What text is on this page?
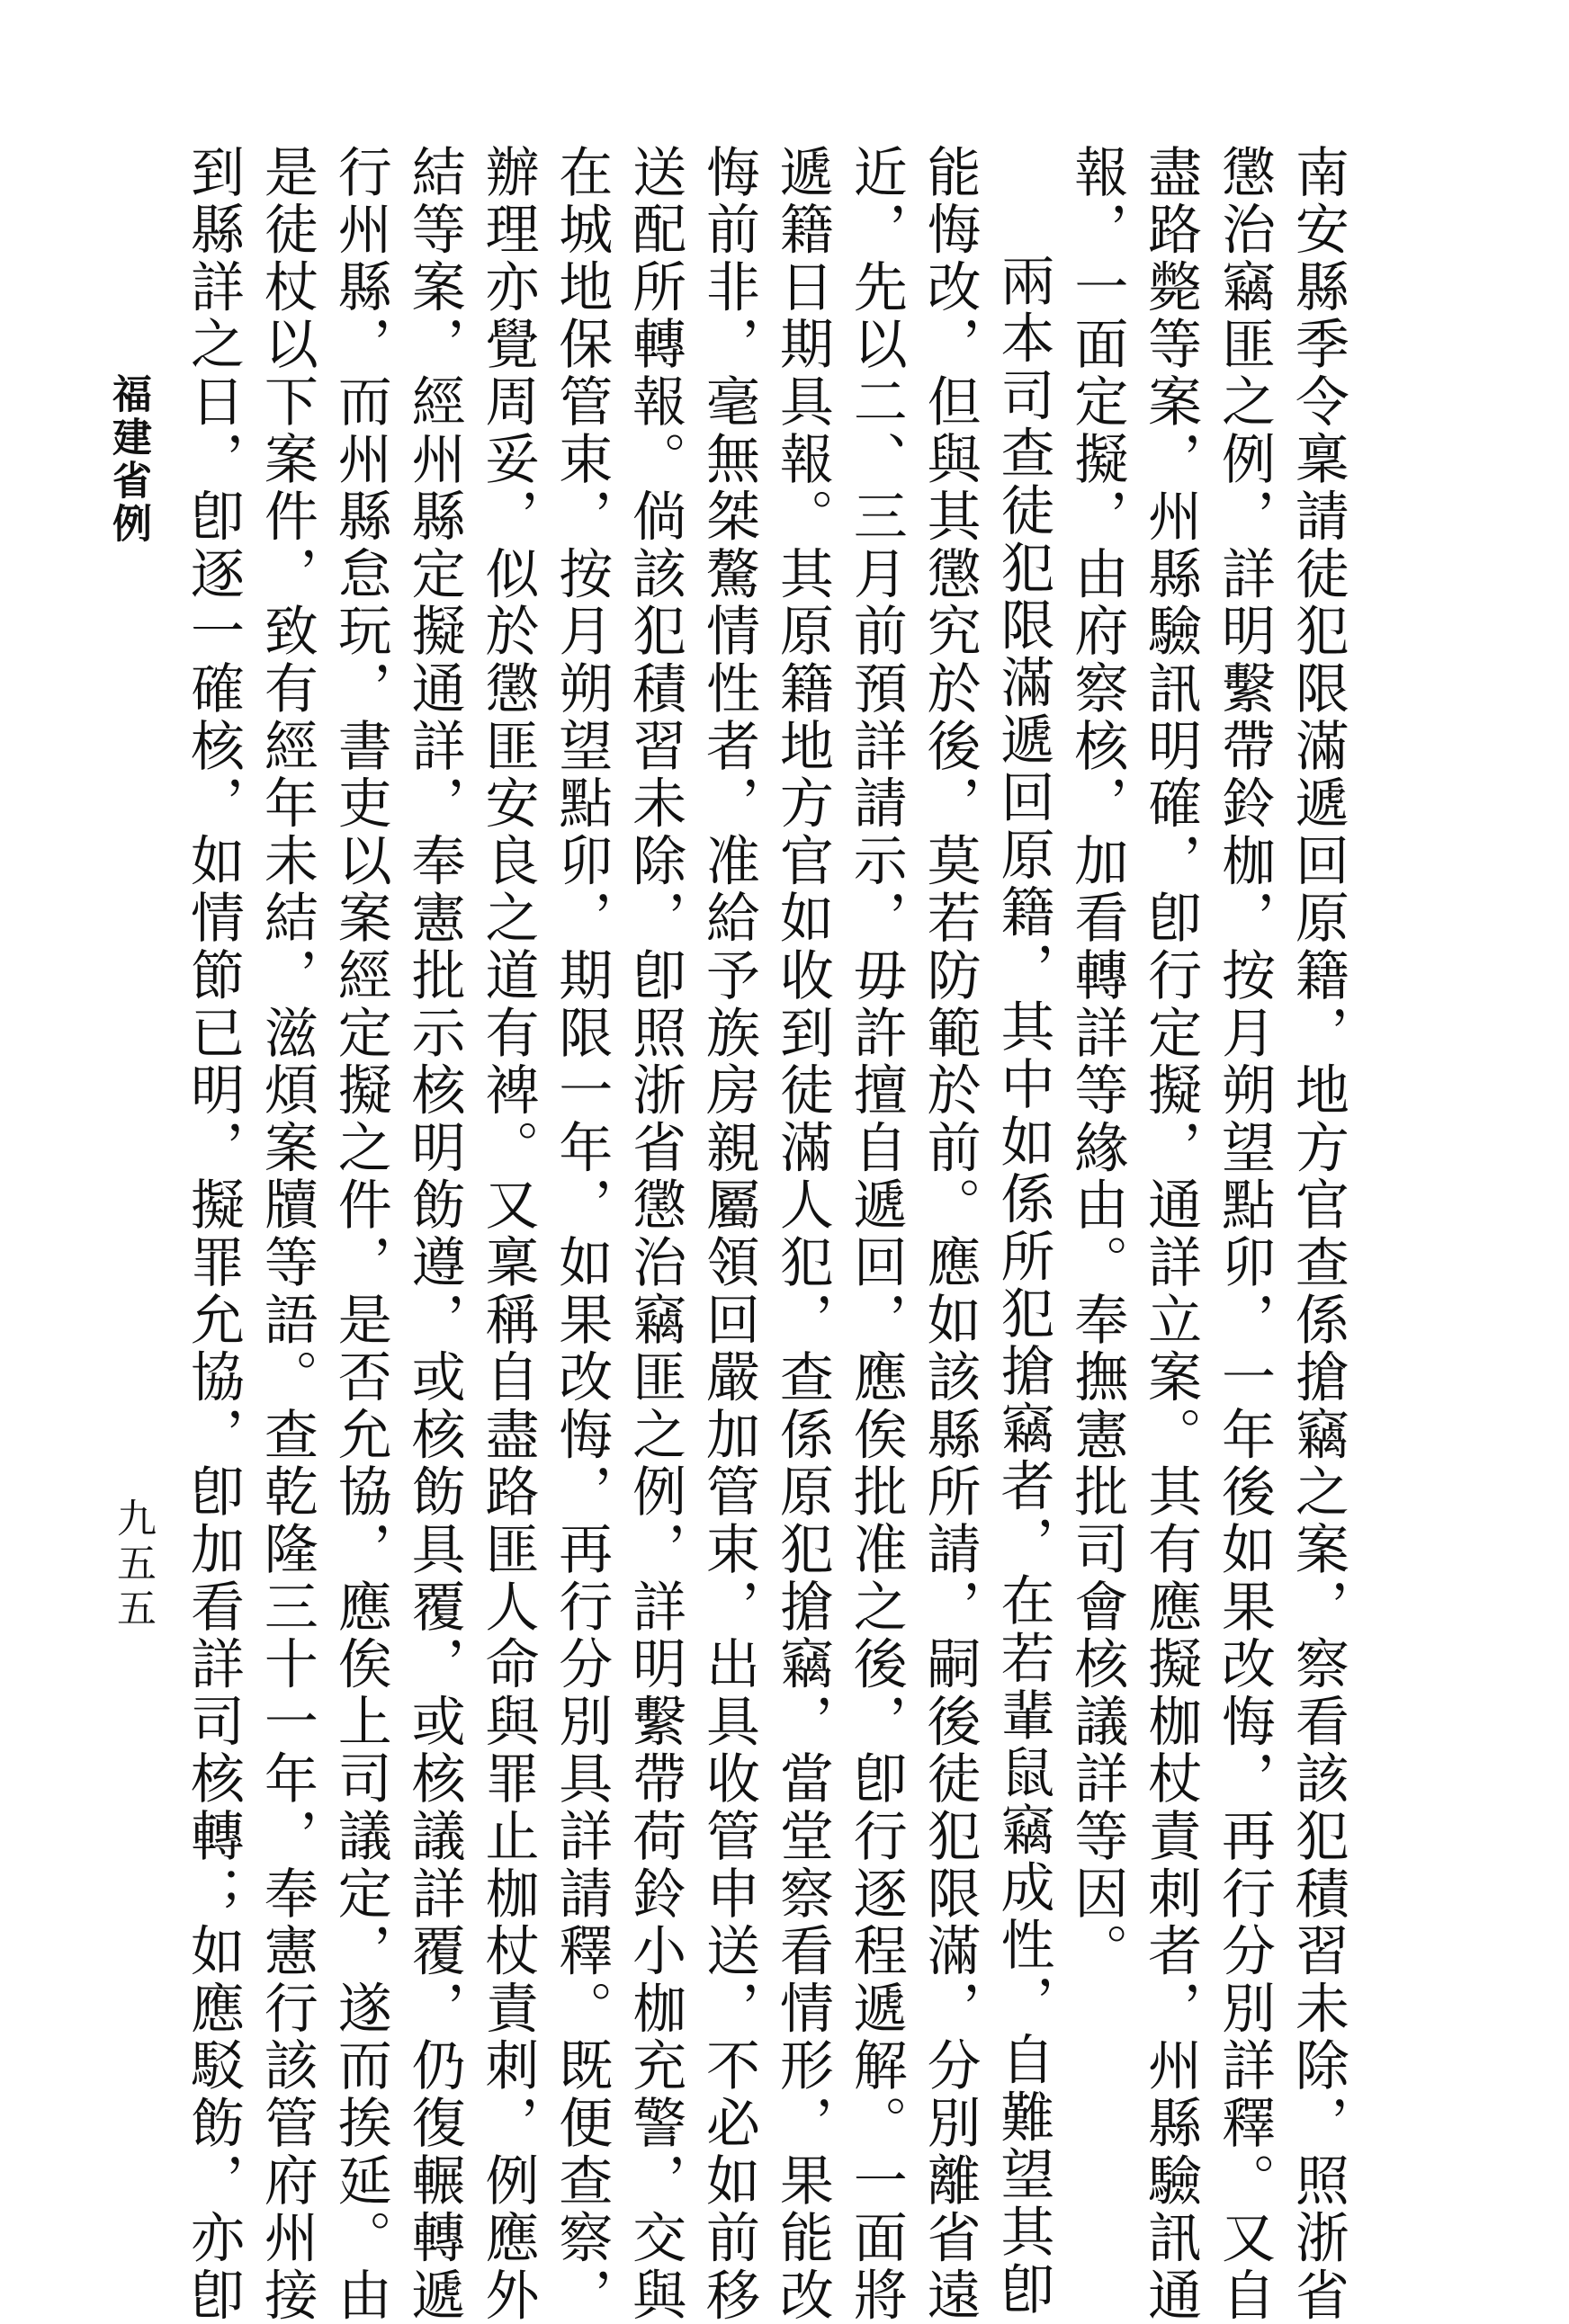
南安縣季令稟請徒犯限滿遞回原籍，地方官查係搶竊之案，察看該犯積習未除，照浙省
懲治竊匪之例，詳明繫帶鈴枷，按月朔望點卯，一年後如果改悔，再行分別詳釋。又自
盡路斃等案，州縣驗訊明確，卽行定擬，通詳立案。其有應擬枷杖責刺者，州縣驗訊通
報，一面定擬，由府察核，加看轉詳等緣由。奉撫憲批司會核議詳等因。
兩本司查徒犯限滿遞回原籍，其中如係所犯搶竊者，在若輩鼠竊成性，自難望其卽
能悔改，但與其懲究於後，莫若防範於前。應如該縣所請，嗣後徒犯限滿，分別離省遠
近，先以二、三月前預詳請示，毋許擅自遞回，應俟批准之後，卽行逐程遞解。一面將
遞籍日期具報。其原籍地方官如收到徒滿人犯，查係原犯搶竊，當堂察看情形，果能改
悔前非，毫無桀驁情性者，准給予族房親屬領回嚴加管束，出具收管申送，不必如前移
送配所轉報。倘該犯積習未除，卽照浙省懲治竊匪之例，詳明繫帶荷鈴小枷充警，交與
在城地保管束，按月朔望點卯，期限一年，如果改悔，再行分別具詳請釋。既便查察，
辦理亦覺周妥，似於懲匪安良之道有裨。又稟稱自盡路匪人命與罪止枷杖責刺，例應外
結等案，經州縣定擬通詳，奉憲批示核明飭遵，或核飭具覆，或核議詳覆，仍復輾轉遞
行州縣，而州縣怠玩，書吏以案經定擬之件，是否允協，應俟上司議定，遂而挨延。由
是徒杖以下案件，致有經年未結，滋煩案牘等語。查乾隆三十一年，奉憲行該管府州接
到縣詳之日，卽逐一確核，如情節已明，擬罪允協，卽加看詳司核轉；如應駁飭，亦卽
福建省例
九五五
